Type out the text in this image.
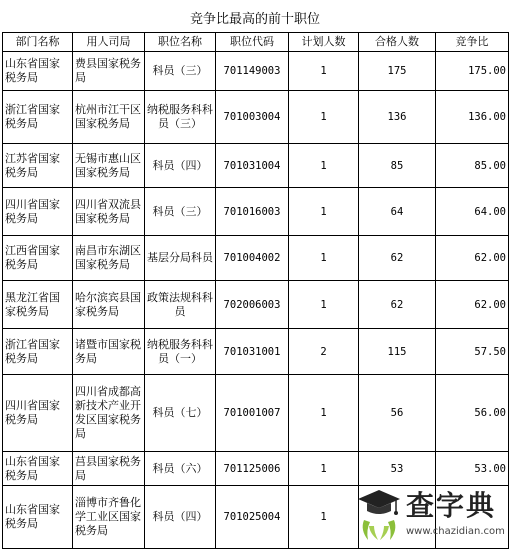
竞争比最高的前十职位
部门名称	用人司局	职位名称	职位代码	计划人数	合格人数	竞争比
山东省国家税务局	费县国家税务局	科员（三）	701149003	1	175	175.00
浙江省国家税务局	杭州市江干区国家税务局	纳税服务科科员（三）	701003004	1	136	136.00
江苏省国家税务局	无锡市惠山区国家税务局	科员（四）	701031004	1	85	85.00
四川省国家税务局	四川省双流县国家税务局	科员（三）	701016003	1	64	64.00
江西省国家税务局	南昌市东湖区国家税务局	基层分局科员	701004002	1	62	62.00
黑龙江省国家税务局	哈尔滨宾县国家税务局	政策法规科科员	702006003	1	62	62.00
浙江省国家税务局	诸暨市国家税务局	纳税服务科科员（一）	701031001	2	115	57.50
四川省国家税务局	四川省成都高新技术产业开发区国家税务局	科员（七）	701001007	1	56	56.00
山东省国家税务局	莒县国家税务局	科员（六）	701125006	1	53	53.00
山东省国家税务局	淄博市齐鲁化学工业区国家税务局	科员（四）	701025004	1			查字典
www.chazidian.com
